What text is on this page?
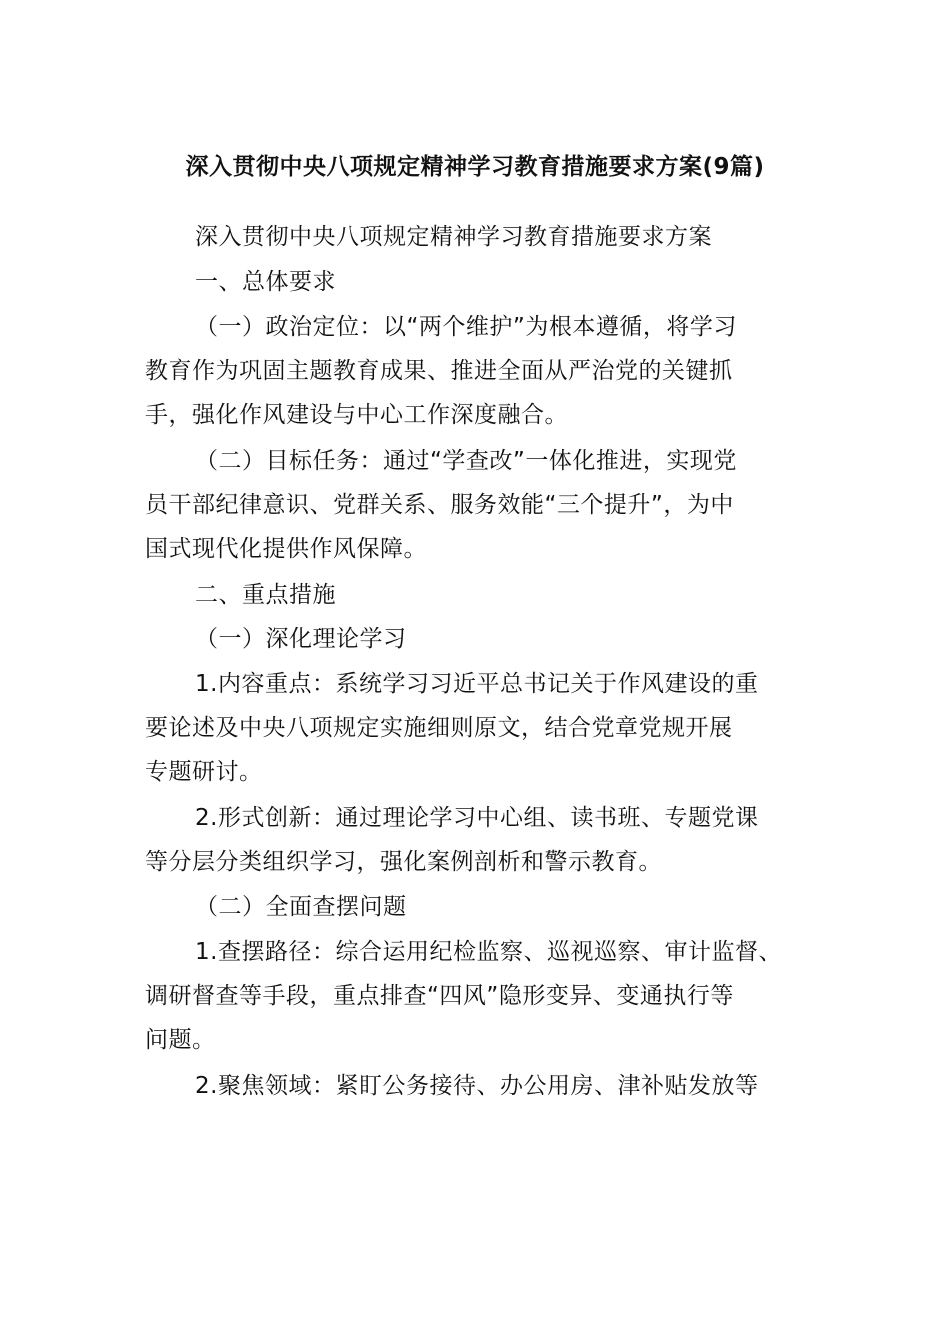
深入贯彻中央八项规定精神学习教育措施要求方案(9篇)
深入贯彻中央八项规定精神学习教育措施要求方案
一、总体要求
（一）政治定位：以“两个维护”为根本遵循，将学习
教育作为巩固主题教育成果、推进全面从严治党的关键抓
手，强化作风建设与中心工作深度融合。
（二）目标任务：通过“学查改”一体化推进，实现党
员干部纪律意识、党群关系、服务效能“三个提升”，为中
国式现代化提供作风保障。
二、重点措施
（一）深化理论学习
1.内容重点：系统学习习近平总书记关于作风建设的重
要论述及中央八项规定实施细则原文，结合党章党规开展
专题研讨。
2.形式创新：通过理论学习中心组、读书班、专题党课
等分层分类组织学习，强化案例剖析和警示教育。
（二）全面查摆问题
1.查摆路径：综合运用纪检监察、巡视巡察、审计监督、
调研督查等手段，重点排查“四风”隐形变异、变通执行等
问题。
2.聚焦领域：紧盯公务接待、办公用房、津补贴发放等
